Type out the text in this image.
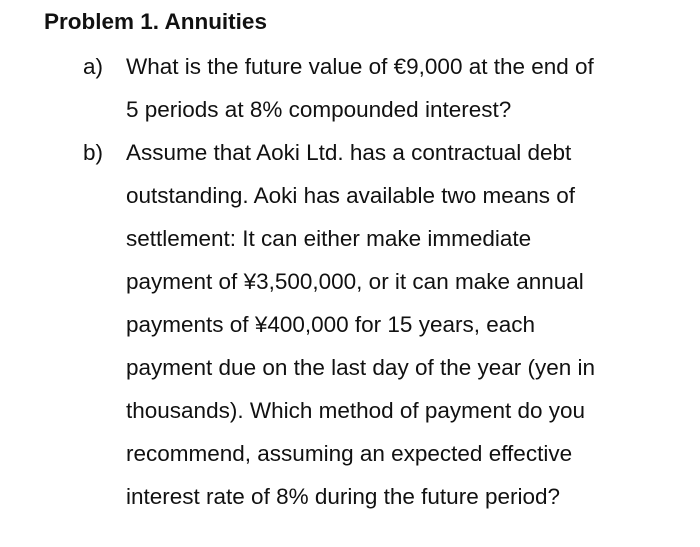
Problem 1. Annuities
a) What is the future value of €9,000 at the end of
5 periods at 8% compounded interest?
b) Assume that Aoki Ltd. has a contractual debt
outstanding. Aoki has available two means of
settlement: It can either make immediate
payment of ¥3,500,000, or it can make annual
payments of ¥400,000 for 15 years, each
payment due on the last day of the year (yen in
thousands). Which method of payment do you
recommend, assuming an expected effective
interest rate of 8% during the future period?
